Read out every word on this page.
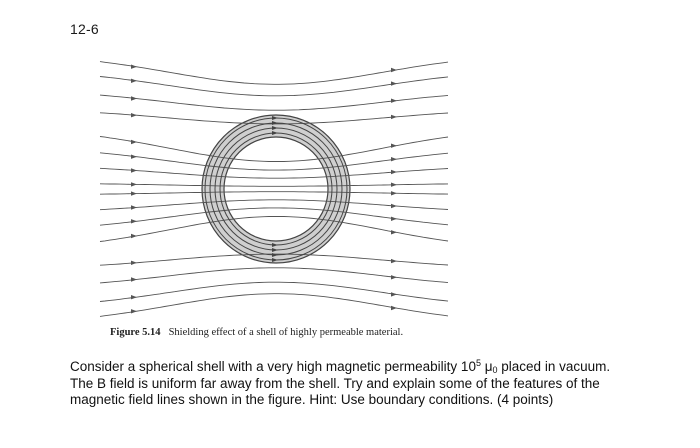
12-6
Figure 5.14 Shielding effect of a shell of highly permeable material.
Consider a spherical shell with a very high magnetic permeability $10^5$ $\mu_0$ placed in vacuum.
The B field is uniform far away from the shell. Try and explain some of the features of the
magnetic field lines shown in the figure. Hint: Use boundary conditions. (4 points)
